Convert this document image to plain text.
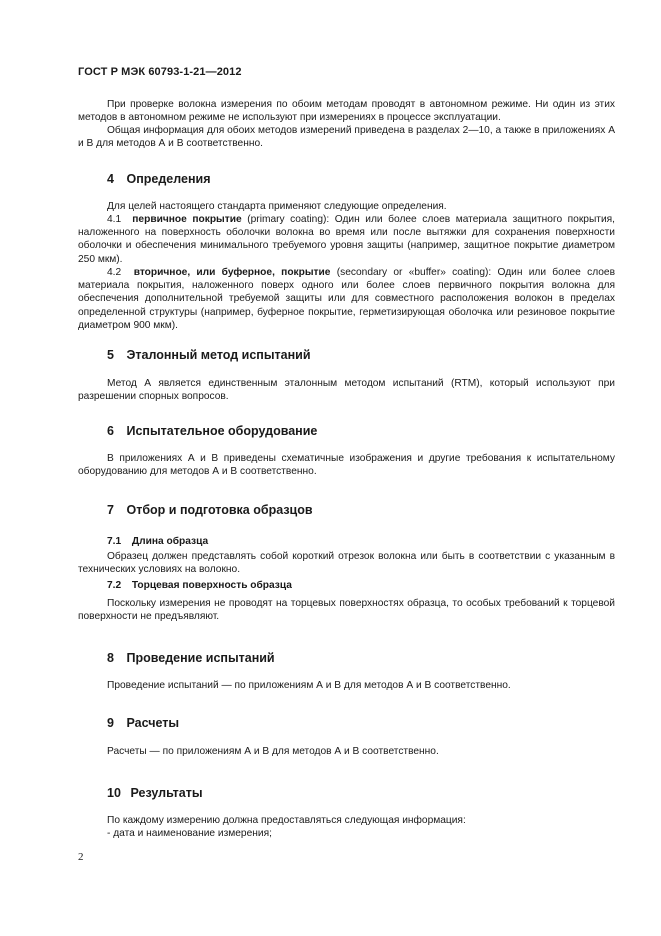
ГОСТ Р МЭК 60793-1-21—2012

При проверке волокна измерения по обоим методам проводят в автономном режиме. Ни один из этих методов в автономном режиме не используют при измерениях в процессе эксплуатации.

Общая информация для обоих методов измерений приведена в разделах 2—10, а также в приложениях А и В для методов А и В соответственно.

4 Определения

Для целей настоящего стандарта применяют следующие определения.

4.1 первичное покрытие (primary coating): Один или более слоев материала защитного покрытия, наложенного на поверхность оболочки волокна во время или после вытяжки для сохранения поверхности оболочки и обеспечения минимального требуемого уровня защиты (например, защитное покрытие диаметром 250 мкм).

4.2 вторичное, или буферное, покрытие (secondary or «buffer» coating): Один или более слоев материала покрытия, наложенного поверх одного или более слоев первичного покрытия волокна для обеспечения дополнительной требуемой защиты или для совместного расположения волокон в пределах определенной структуры (например, буферное покрытие, герметизирующая оболочка или резиновое покрытие диаметром 900 мкм).

5 Эталонный метод испытаний

Метод А является единственным эталонным методом испытаний (RTM), который используют при разрешении спорных вопросов.

6 Испытательное оборудование

В приложениях А и В приведены схематичные изображения и другие требования к испытательному оборудованию для методов А и В соответственно.

7 Отбор и подготовка образцов
7.1 Длина образца

Образец должен представлять собой короткий отрезок волокна или быть в соответствии с указанным в технических условиях на волокно.

7.2 Торцевая поверхность образца

Поскольку измерения не проводят на торцевых поверхностях образца, то особых требований к торцевой поверхности не предъявляют.

8 Проведение испытаний

Проведение испытаний — по приложениям А и В для методов А и В соответственно.

9 Расчеты

Расчеты — по приложениям А и В для методов А и В соответственно.

10 Результаты

По каждому измерению должна предоставляться следующая информация:

- дата и наименование измерения;
2
